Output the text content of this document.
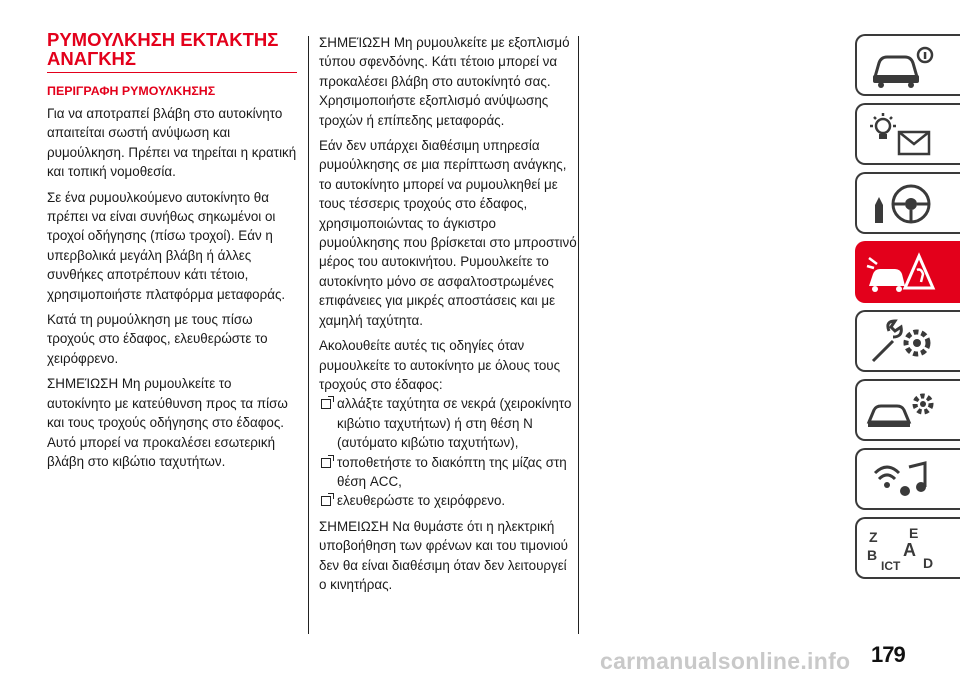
ΡΥΜΟΥΛΚΗΣΗ ΕΚΤΑΚΤΗΣ
ΑΝΑΓΚΗΣ
ΠΕΡΙΓΡΑΦΗ ΡΥΜΟΥΛΚΗΣΗΣ

Για να αποτραπεί βλάβη στο αυτοκίνητο απαιτείται σωστή ανύψωση και ρυμούλκηση. Πρέπει να τηρείται η κρατική και τοπική νομοθεσία.

Σε ένα ρυμουλκούμενο αυτοκίνητο θα πρέπει να είναι συνήθως σηκωμένοι οι τροχοί οδήγησης (πίσω τροχοί). Εάν η υπερβολικά μεγάλη βλάβη ή άλλες συνθήκες αποτρέπουν κάτι τέτοιο, χρησιμοποιήστε πλατφόρμα μεταφοράς.

Κατά τη ρυμούλκηση με τους πίσω τροχούς στο έδαφος, ελευθερώστε το χειρόφρενο.

ΣΗΜΕΊΩΣΗ Μη ρυμουλκείτε το αυτοκίνητο με κατεύθυνση προς τα πίσω και τους τροχούς οδήγησης στο έδαφος. Αυτό μπορεί να προκαλέσει εσωτερική βλάβη στο κιβώτιο ταχυτήτων.

ΣΗΜΕΊΩΣΗ Μη ρυμουλκείτε με εξοπλισμό τύπου σφενδόνης. Κάτι τέτοιο μπορεί να προκαλέσει βλάβη στο αυτοκίνητό σας. Χρησιμοποιήστε εξοπλισμό ανύψωσης τροχών ή επίπεδης μεταφοράς.

Εάν δεν υπάρχει διαθέσιμη υπηρεσία ρυμούλκησης σε μια περίπτωση ανάγκης, το αυτοκίνητο μπορεί να ρυμουλκηθεί με τους τέσσερις τροχούς στο έδαφος, χρησιμοποιώντας το άγκιστρο ρυμούλκησης που βρίσκεται στο μπροστινό μέρος του αυτοκινήτου. Ρυμουλκείτε το αυτοκίνητο μόνο σε ασφαλτοστρωμένες επιφάνειες για μικρές αποστάσεις και με χαμηλή ταχύτητα.

Ακολουθείτε αυτές τις οδηγίες όταν ρυμουλκείτε το αυτοκίνητο με όλους τους τροχούς στο έδαφος:

αλλάξτε ταχύτητα σε νεκρά (χειροκίνητο κιβώτιο ταχυτήτων) ή στη θέση N (αυτόματο κιβώτιο ταχυτήτων),
τοποθετήστε το διακόπτη της μίζας στη θέση ACC,
ελευθερώστε το χειρόφρενο.

ΣΗΜΕΙΩΣΗ Να θυμάστε ότι η ηλεκτρική υποβοήθηση των φρένων και του τιμονιού δεν θα είναι διαθέσιμη όταν δεν λειτουργεί ο κινητήρας.

Z E
B A
ICT D
carmanualsonline.info 179
